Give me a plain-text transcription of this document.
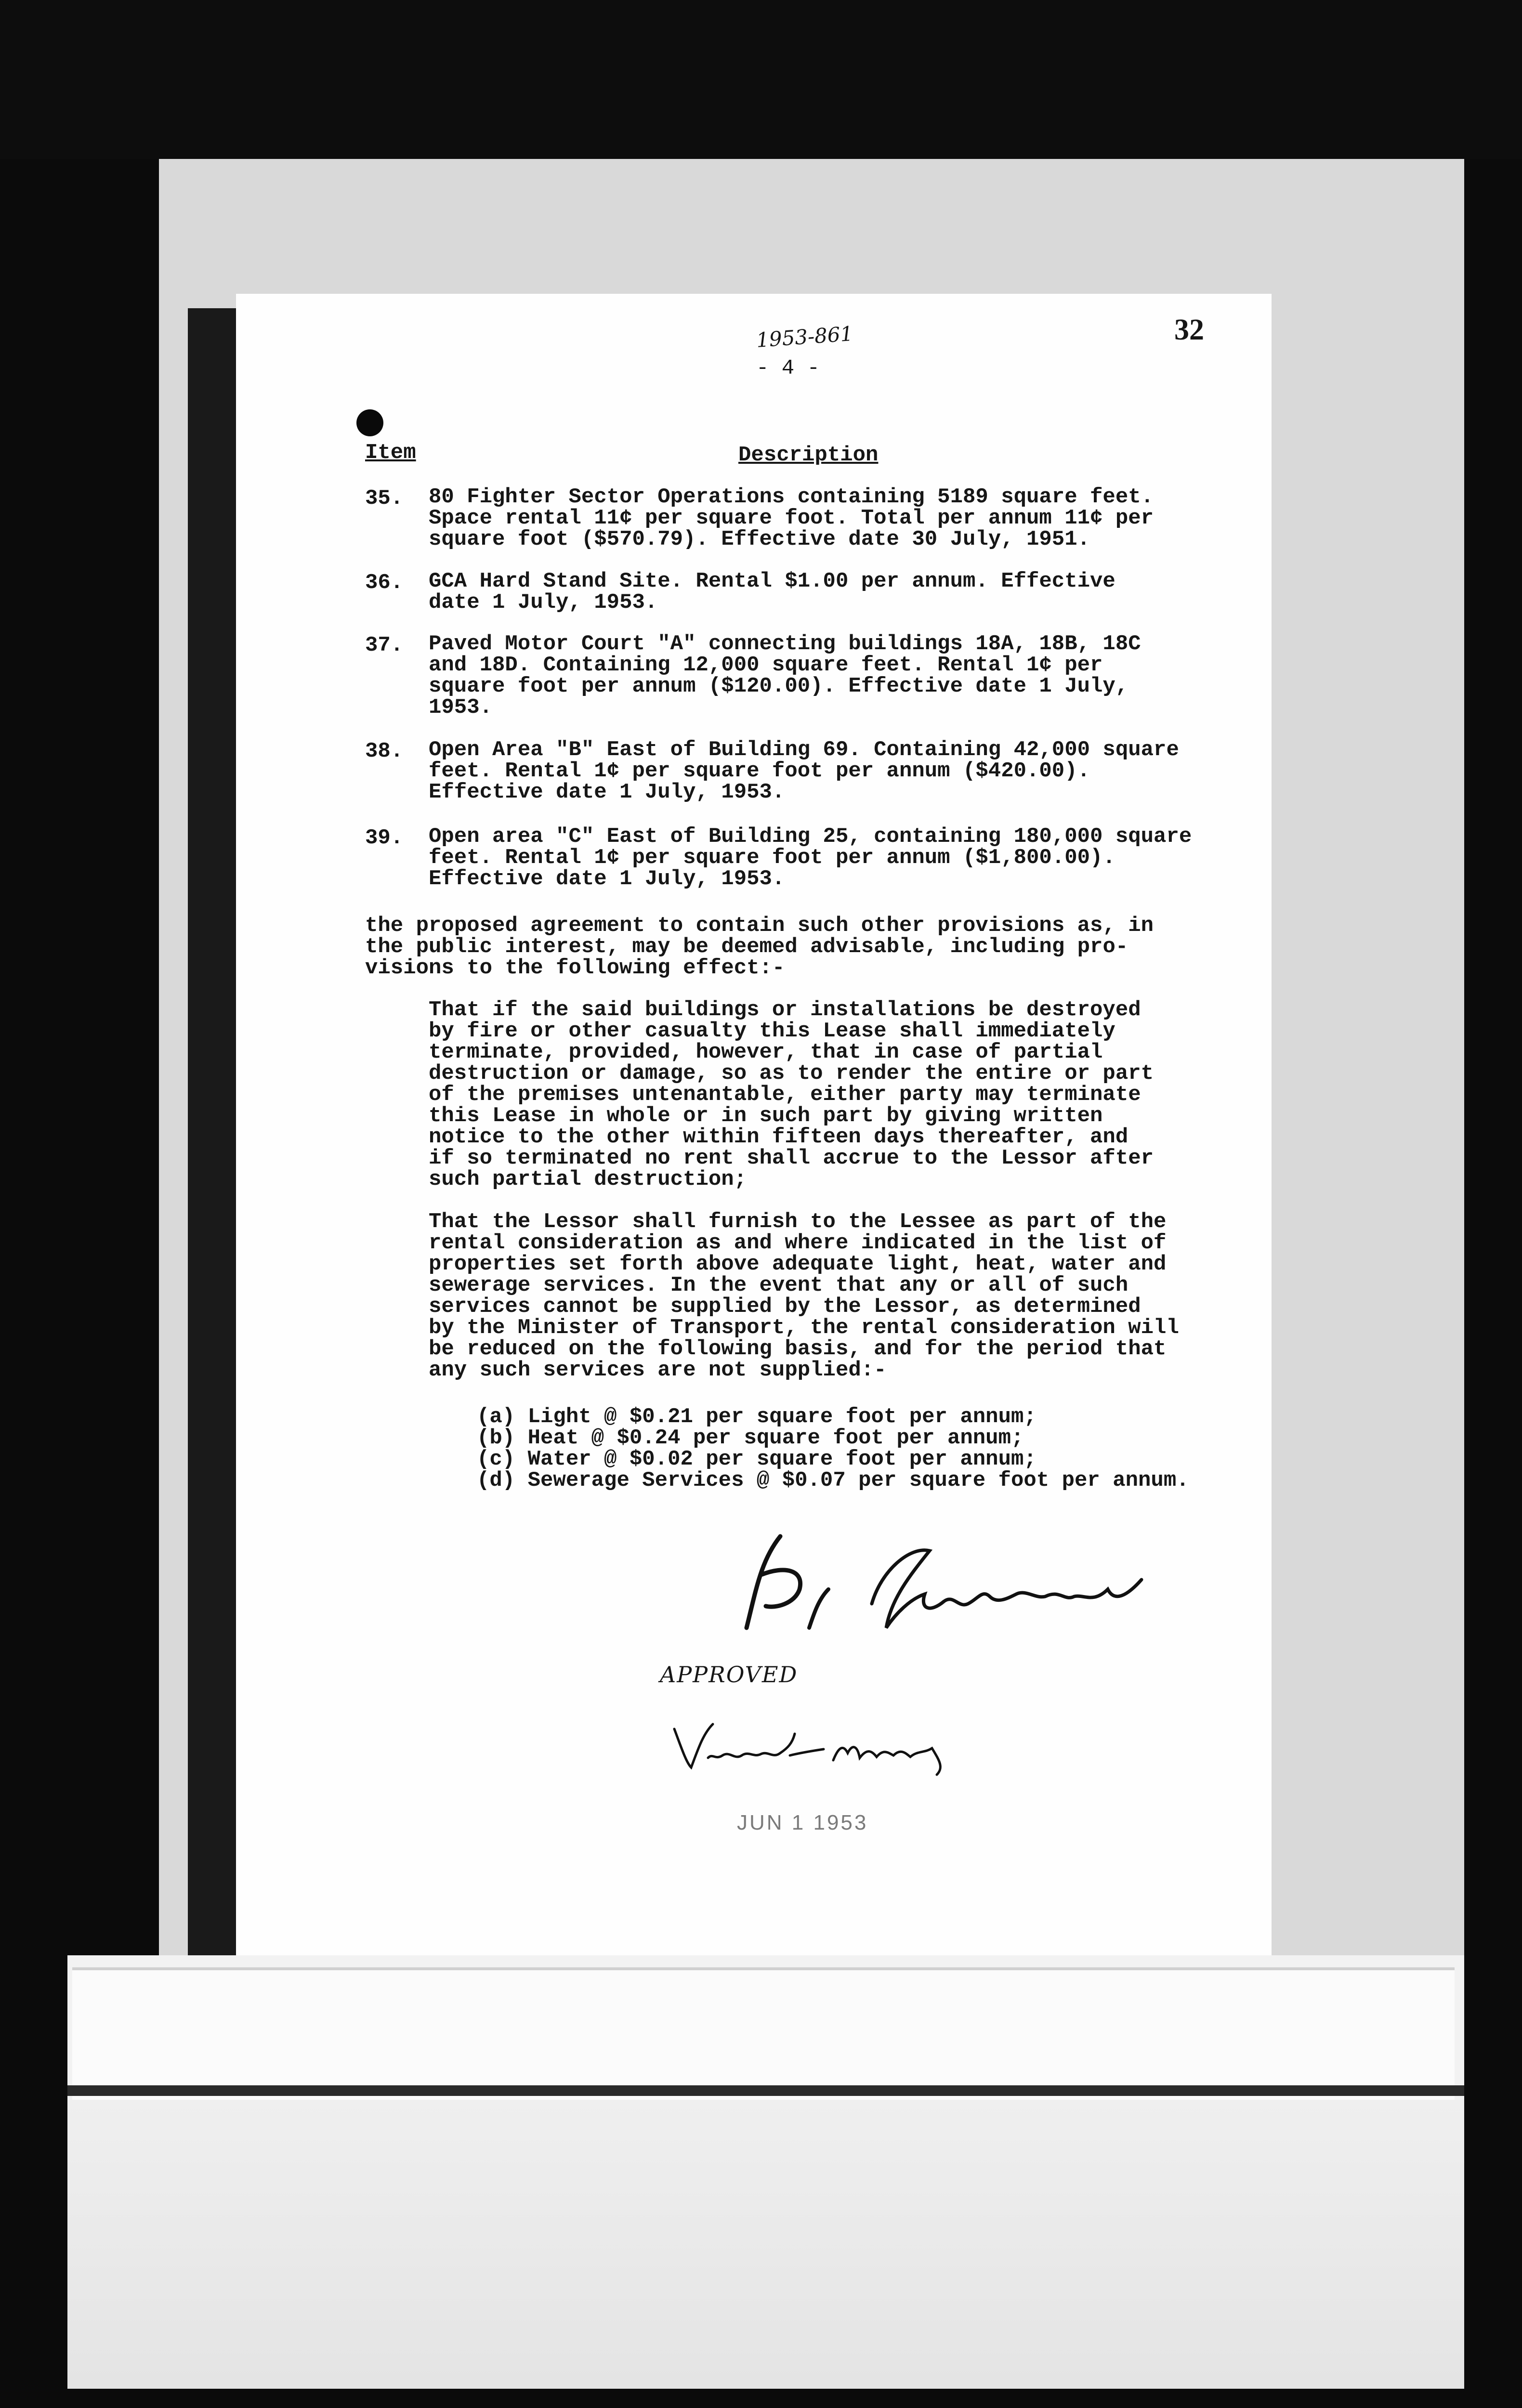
32
1953-861
- 4 -
Item	Description
35. 80 Fighter Sector Operations containing 5189 square feet.
Space rental 11¢ per square foot. Total per annum 11¢ per
square foot ($570.79). Effective date 30 July, 1951.
36. GCA Hard Stand Site. Rental $1.00 per annum. Effective
date 1 July, 1953.
37. Paved Motor Court "A" connecting buildings 18A, 18B, 18C
and 18D. Containing 12,000 square feet. Rental 1¢ per
square foot per annum ($120.00). Effective date 1 July,
1953.
38. Open Area "B" East of Building 69. Containing 42,000 square
feet. Rental 1¢ per square foot per annum ($420.00).
Effective date 1 July, 1953.
39. Open area "C" East of Building 25, containing 180,000 square
feet. Rental 1¢ per square foot per annum ($1,800.00).
Effective date 1 July, 1953.
the proposed agreement to contain such other provisions as, in
the public interest, may be deemed advisable, including pro-
visions to the following effect:-
That if the said buildings or installations be destroyed
by fire or other casualty this Lease shall immediately
terminate, provided, however, that in case of partial
destruction or damage, so as to render the entire or part
of the premises untenantable, either party may terminate
this Lease in whole or in such part by giving written
notice to the other within fifteen days thereafter, and
if so terminated no rent shall accrue to the Lessor after
such partial destruction;
That the Lessor shall furnish to the Lessee as part of the
rental consideration as and where indicated in the list of
properties set forth above adequate light, heat, water and
sewerage services. In the event that any or all of such
services cannot be supplied by the Lessor, as determined
by the Minister of Transport, the rental consideration will
be reduced on the following basis, and for the period that
any such services are not supplied:-
(a) Light @ $0.21 per square foot per annum;
(b) Heat @ $0.24 per square foot per annum;
(c) Water @ $0.02 per square foot per annum;
(d) Sewerage Services @ $0.07 per square foot per annum.
APPROVED
JUN 1 1953
